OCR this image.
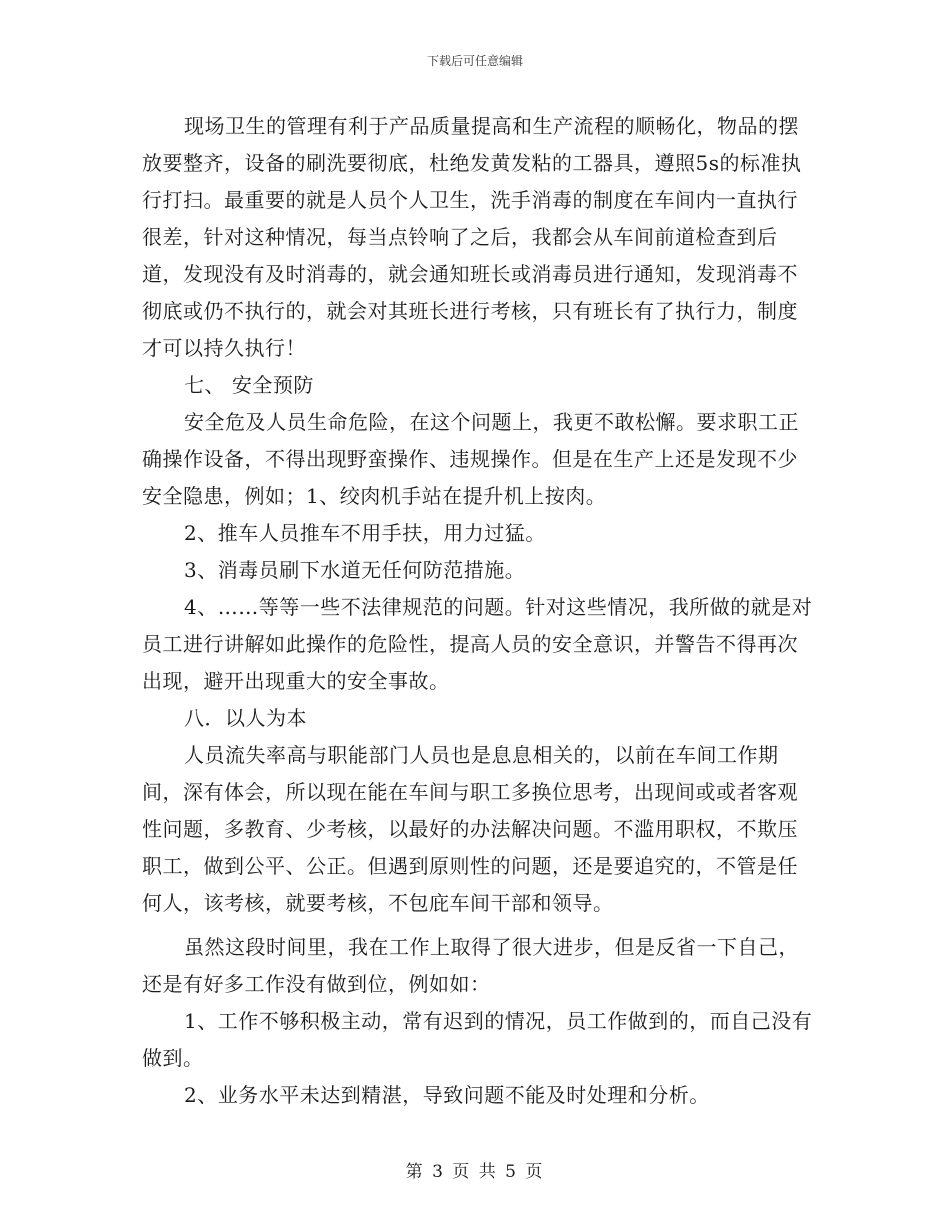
下载后可任意编辑

现场卫生的管理有利于产品质量提高和生产流程的顺畅化，物品的摆放要整齐，设备的刷洗要彻底，杜绝发黄发粘的工器具，遵照5s的标准执行打扫。最重要的就是人员个人卫生，洗手消毒的制度在车间内一直执行很差，针对这种情况，每当点铃响了之后，我都会从车间前道检查到后道，发现没有及时消毒的，就会通知班长或消毒员进行通知，发现消毒不彻底或仍不执行的，就会对其班长进行考核，只有班长有了执行力，制度才可以持久执行！

七、 安全预防

安全危及人员生命危险，在这个问题上，我更不敢松懈。要求职工正确操作设备，不得出现野蛮操作、违规操作。但是在生产上还是发现不少安全隐患，例如；1、绞肉机手站在提升机上按肉。

2、推车人员推车不用手扶，用力过猛。

3、消毒员刷下水道无任何防范措施。

4、……等等一些不法律规范的问题。针对这些情况，我所做的就是对员工进行讲解如此操作的危险性，提高人员的安全意识，并警告不得再次出现，避开出现重大的安全事故。

八．以人为本

人员流失率高与职能部门人员也是息息相关的，以前在车间工作期间，深有体会，所以现在能在车间与职工多换位思考，出现间或或者客观性问题，多教育、少考核，以最好的办法解决问题。不滥用职权，不欺压职工，做到公平、公正。但遇到原则性的问题，还是要追究的，不管是任何人，该考核，就要考核，不包庇车间干部和领导。

虽然这段时间里，我在工作上取得了很大进步，但是反省一下自己，还是有好多工作没有做到位，例如如：

1、工作不够积极主动，常有迟到的情况，员工作做到的，而自己没有做到。

2、业务水平未达到精湛，导致问题不能及时处理和分析。

第 3 页 共 5 页
